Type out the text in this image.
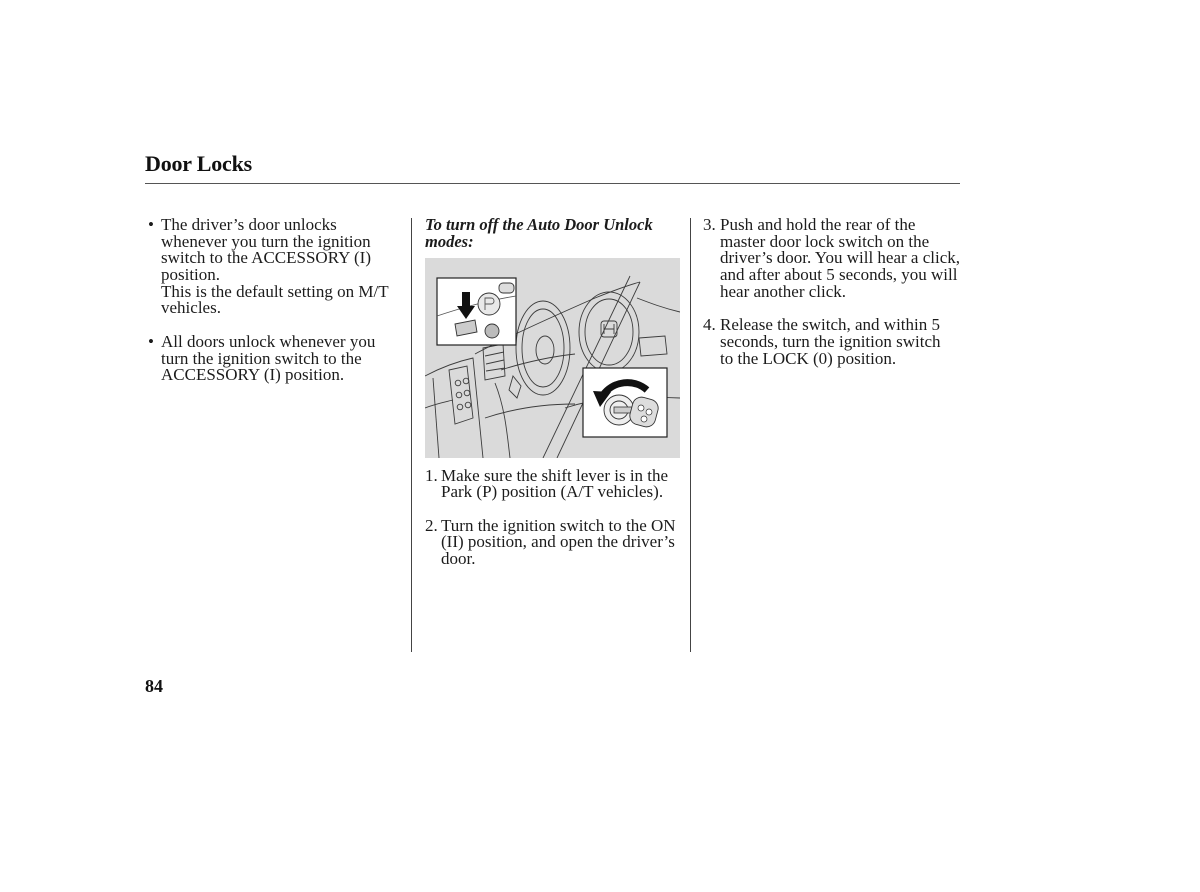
Door Locks
• The driver’s door unlocks
whenever you turn the ignition
switch to the ACCESSORY (I)
position.
This is the default setting on M/T
vehicles.
• All doors unlock whenever you
turn the ignition switch to the
ACCESSORY (I) position.
To turn off the Auto Door Unlock
modes:
1. Make sure the shift lever is in the
Park (P) position (A/T vehicles).
2. Turn the ignition switch to the ON
(II) position, and open the driver’s
door.
3. Push and hold the rear of the
master door lock switch on the
driver’s door. You will hear a click,
and after about 5 seconds, you will
hear another click.
4. Release the switch, and within 5
seconds, turn the ignition switch
to the LOCK (0) position.
84
